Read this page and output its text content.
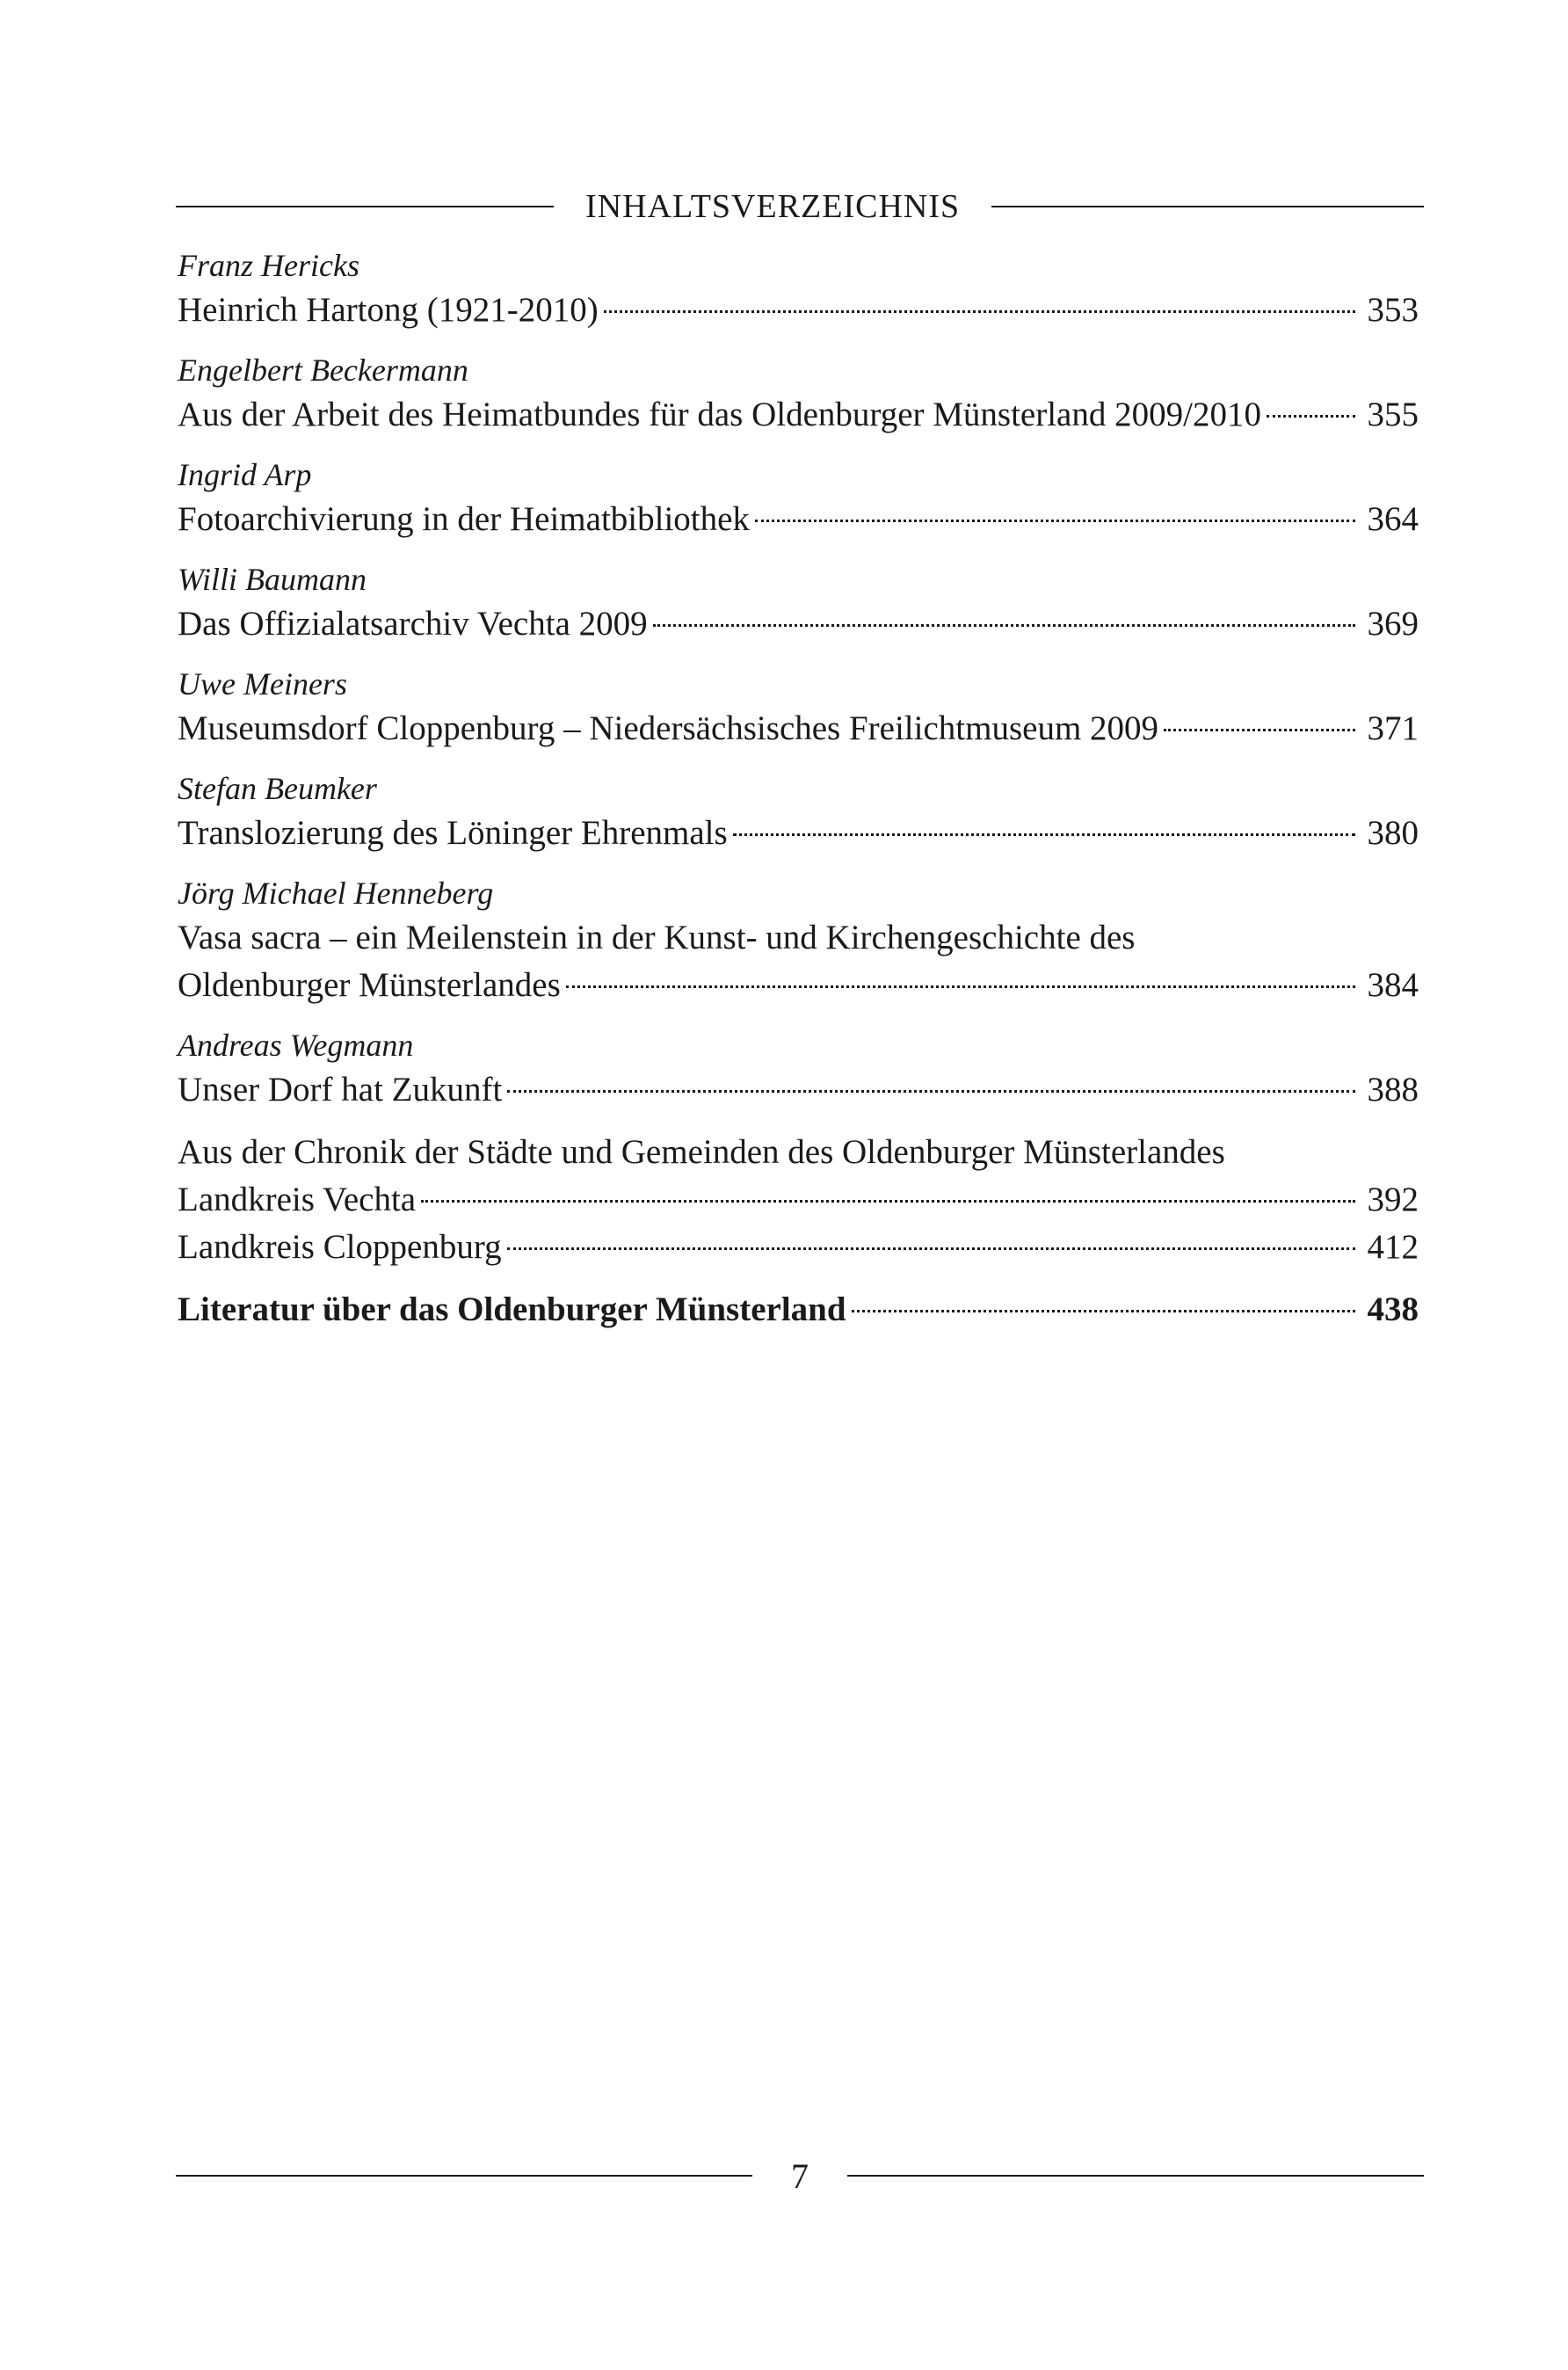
INHALTSVERZEICHNIS
Franz Hericks
Heinrich Hartong (1921-2010)	353
Engelbert Beckermann
Aus der Arbeit des Heimatbundes für das Oldenburger Münsterland 2009/2010	355
Ingrid Arp
Fotoarchivierung in der Heimatbibliothek	364
Willi Baumann
Das Offizialatsarchiv Vechta 2009	369
Uwe Meiners
Museumsdorf Cloppenburg – Niedersächsisches Freilichtmuseum 2009	371
Stefan Beumker
Translozierung des Löninger Ehrenmals	380
Jörg Michael Henneberg
Vasa sacra – ein Meilenstein in der Kunst- und Kirchengeschichte des
Oldenburger Münsterlandes	384
Andreas Wegmann
Unser Dorf hat Zukunft	388
Aus der Chronik der Städte und Gemeinden des Oldenburger Münsterlandes
Landkreis Vechta	392
Landkreis Cloppenburg	412
Literatur über das Oldenburger Münsterland	438
7
